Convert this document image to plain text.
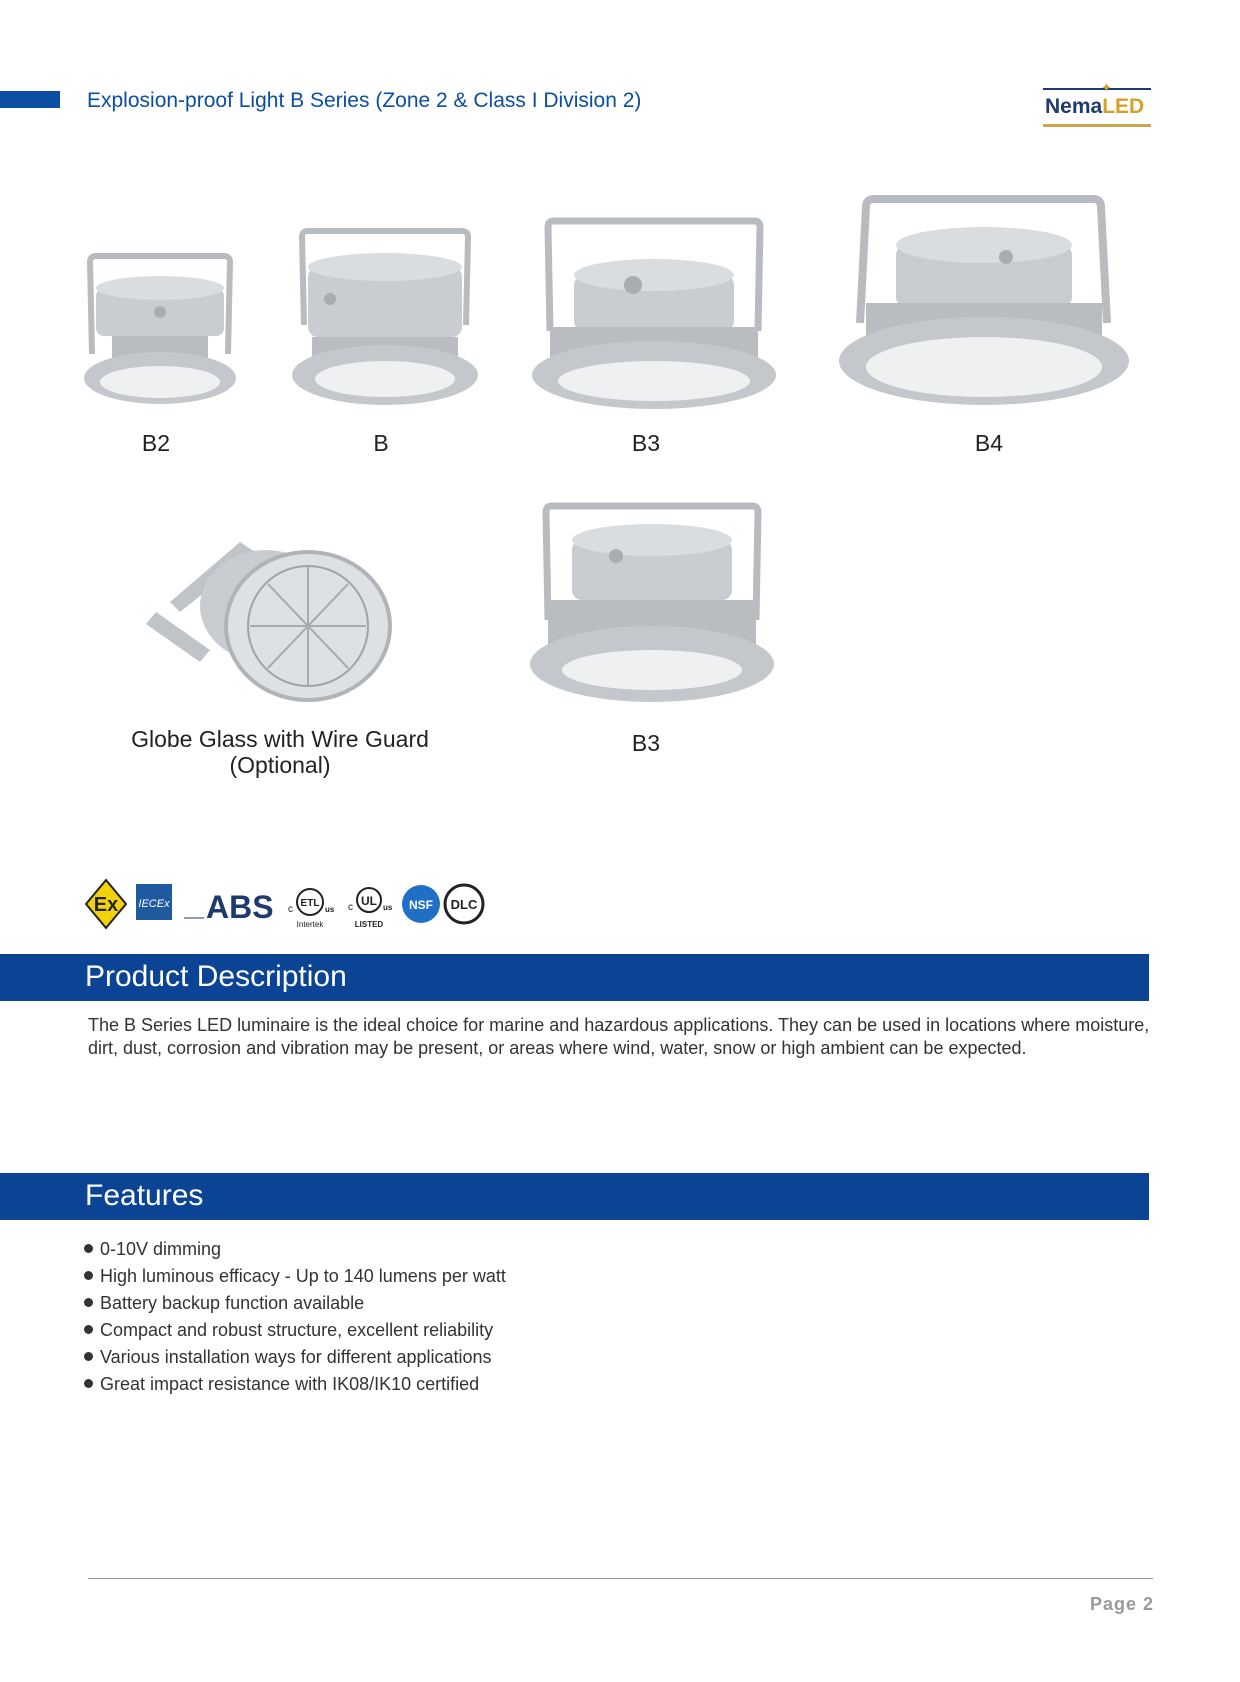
Explosion-proof Light B Series (Zone 2 & Class I Division 2)
✦
NemaLED
B2	B	B3	B4
Globe Glass with Wire Guard
(Optional)
B3
Ex IECEx ABS c
ETL
us
Intertek
c UL us
LISTED
NSF DLC
Product Description
The B Series LED luminaire is the ideal choice for marine and hazardous applications. They can be used in locations where moisture, dirt, dust, corrosion and vibration may be present, or areas where wind, water, snow or high ambient can be expected.
Features
0-10V dimming
High luminous efficacy - Up to 140 lumens per watt
Battery backup function available
Compact and robust structure, excellent reliability
Various installation ways for different applications
Great impact resistance with IK08/IK10 certified
Page 2
